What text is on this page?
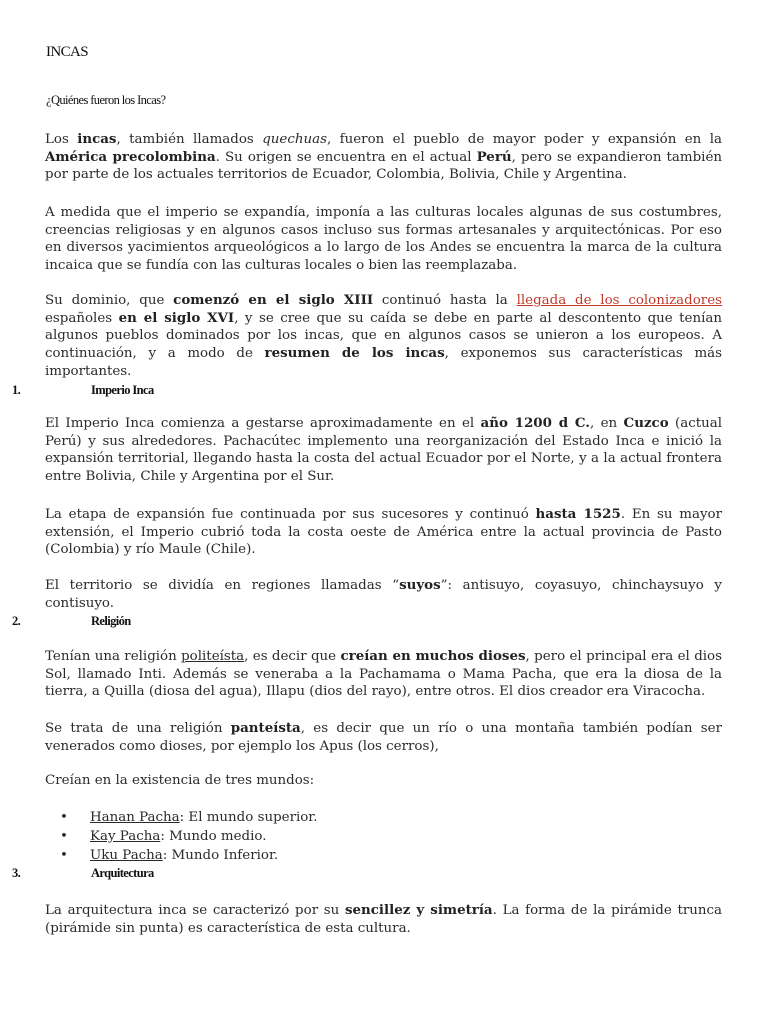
INCAS
¿Quiénes fueron los Incas?
Los incas, también llamados quechuas, fueron el pueblo de mayor poder y expansión en la América precolombina. Su origen se encuentra en el actual Perú, pero se expandieron también por parte de los actuales territorios de Ecuador, Colombia, Bolivia, Chile y Argentina.
A medida que el imperio se expandía, imponía a las culturas locales algunas de sus costumbres, creencias religiosas y en algunos casos incluso sus formas artesanales y arquitectónicas. Por eso en diversos yacimientos arqueológicos a lo largo de los Andes se encuentra la marca de la cultura incaica que se fundía con las culturas locales o bien las reemplazaba.
Su dominio, que comenzó en el siglo XIII continuó hasta la llegada de los colonizadores españoles en el siglo XVI, y se cree que su caída se debe en parte al descontento que tenían algunos pueblos dominados por los incas, que en algunos casos se unieron a los europeos. A continuación, y a modo de resumen de los incas, exponemos sus características más importantes.
1.	Imperio Inca
El Imperio Inca comienza a gestarse aproximadamente en el año 1200 d C., en Cuzco (actual Perú) y sus alrededores. Pachacútec implemento una reorganización del Estado Inca e inició la expansión territorial, llegando hasta la costa del actual Ecuador por el Norte, y a la actual frontera entre Bolivia, Chile y Argentina por el Sur.
La etapa de expansión fue continuada por sus sucesores y continuó hasta 1525. En su mayor extensión, el Imperio cubrió toda la costa oeste de América entre la actual provincia de Pasto (Colombia) y río Maule (Chile).
El territorio se dividía en regiones llamadas “suyos”: antisuyo, coyasuyo, chinchaysuyo y contisuyo.
2.	Religión
Tenían una religión politeísta, es decir que creían en muchos dioses, pero el principal era el dios Sol, llamado Inti. Además se veneraba a la Pachamama o Mama Pacha, que era la diosa de la tierra, a Quilla (diosa del agua), Illapu (dios del rayo), entre otros. El dios creador era Viracocha.
Se trata de una religión panteísta, es decir que un río o una montaña también podían ser venerados como dioses, por ejemplo los Apus (los cerros),
Creían en la existencia de tres mundos:
• Hanan Pacha: El mundo superior.
• Kay Pacha: Mundo medio.
• Uku Pacha: Mundo Inferior.
3.	Arquitectura
La arquitectura inca se caracterizó por su sencillez y simetría. La forma de la pirámide trunca (pirámide sin punta) es característica de esta cultura.
